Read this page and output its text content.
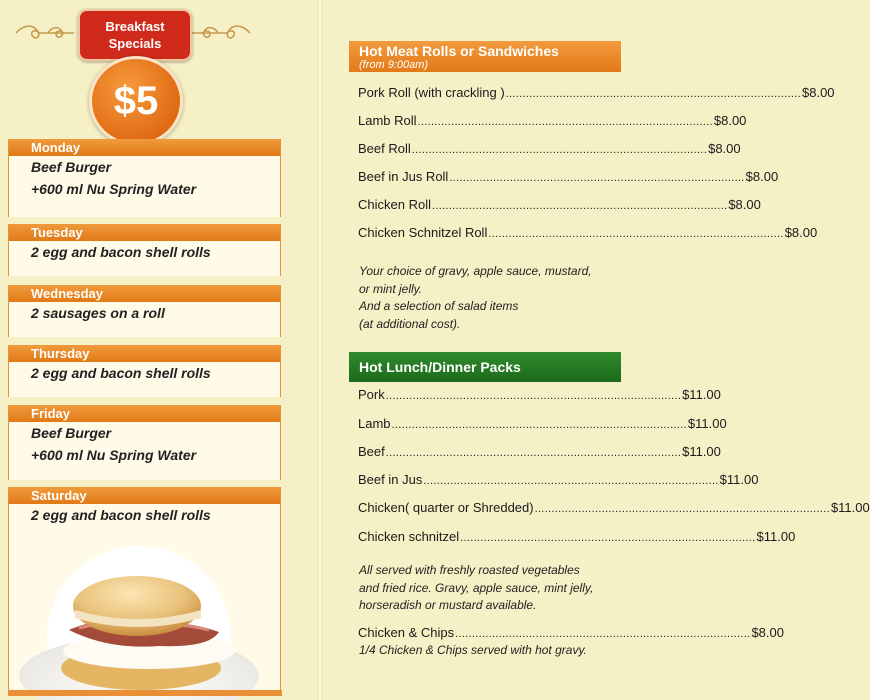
Breakfast
Specials
$5
Monday
Beef Burger
+600 ml Nu Spring Water
Tuesday
2 egg and bacon shell rolls
Wednesday
2 sausages on a roll
Thursday
2 egg and bacon shell rolls
Friday
Beef Burger
+600 ml Nu Spring Water
Saturday
2 egg and bacon shell rolls
Hot Meat Rolls or Sandwiches
(from 9:00am)
Pork Roll (with crackling ) ........................................................................................ $8.00
Lamb Roll ........................................................................................ $8.00
Beef Roll ........................................................................................ $8.00
Beef in Jus Roll ........................................................................................ $8.00
Chicken Roll ........................................................................................ $8.00
Chicken Schnitzel Roll ........................................................................................ $8.00
Your choice of gravy, apple sauce, mustard,
or mint jelly.
And a selection of salad items
(at additional cost).
Hot Lunch/Dinner Packs
Pork ........................................................................................ $11.00
Lamb ........................................................................................ $11.00
Beef ........................................................................................ $11.00
Beef in Jus ........................................................................................ $11.00
Chicken( quarter or Shredded) ........................................................................................ $11.00
Chicken schnitzel ........................................................................................ $11.00
All served with freshly roasted vegetables
and fried rice. Gravy, apple sauce, mint jelly,
horseradish or mustard available.
Chicken & Chips ........................................................................................ $8.00
1/4 Chicken & Chips served with hot gravy.
